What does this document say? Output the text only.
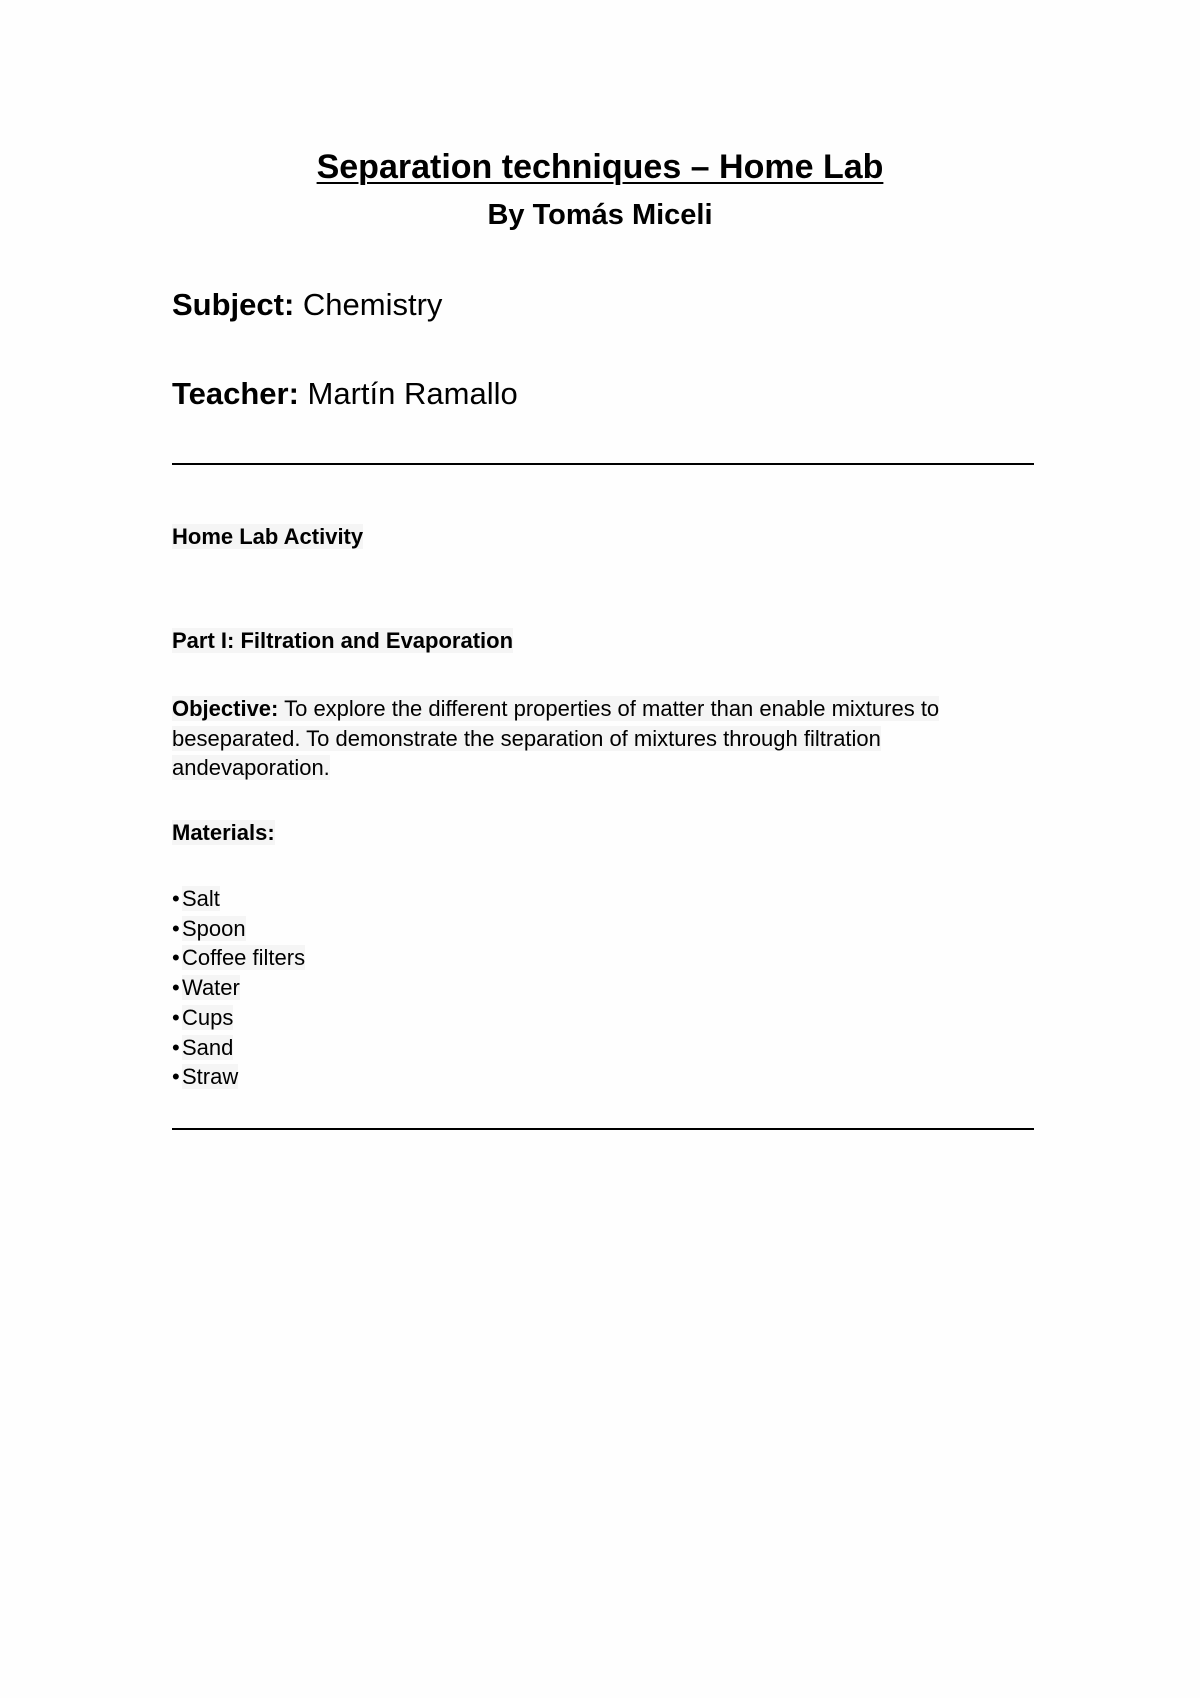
Separation techniques – Home Lab
By Tomás Miceli
Subject: Chemistry
Teacher: Martín Ramallo
Home Lab Activity
Part I: Filtration and Evaporation
Objective: To explore the different properties of matter than enable mixtures to beseparated. To demonstrate the separation of mixtures through filtration andevaporation.
Materials:
• Salt
• Spoon
• Coffee filters
• Water
• Cups
• Sand
• Straw
